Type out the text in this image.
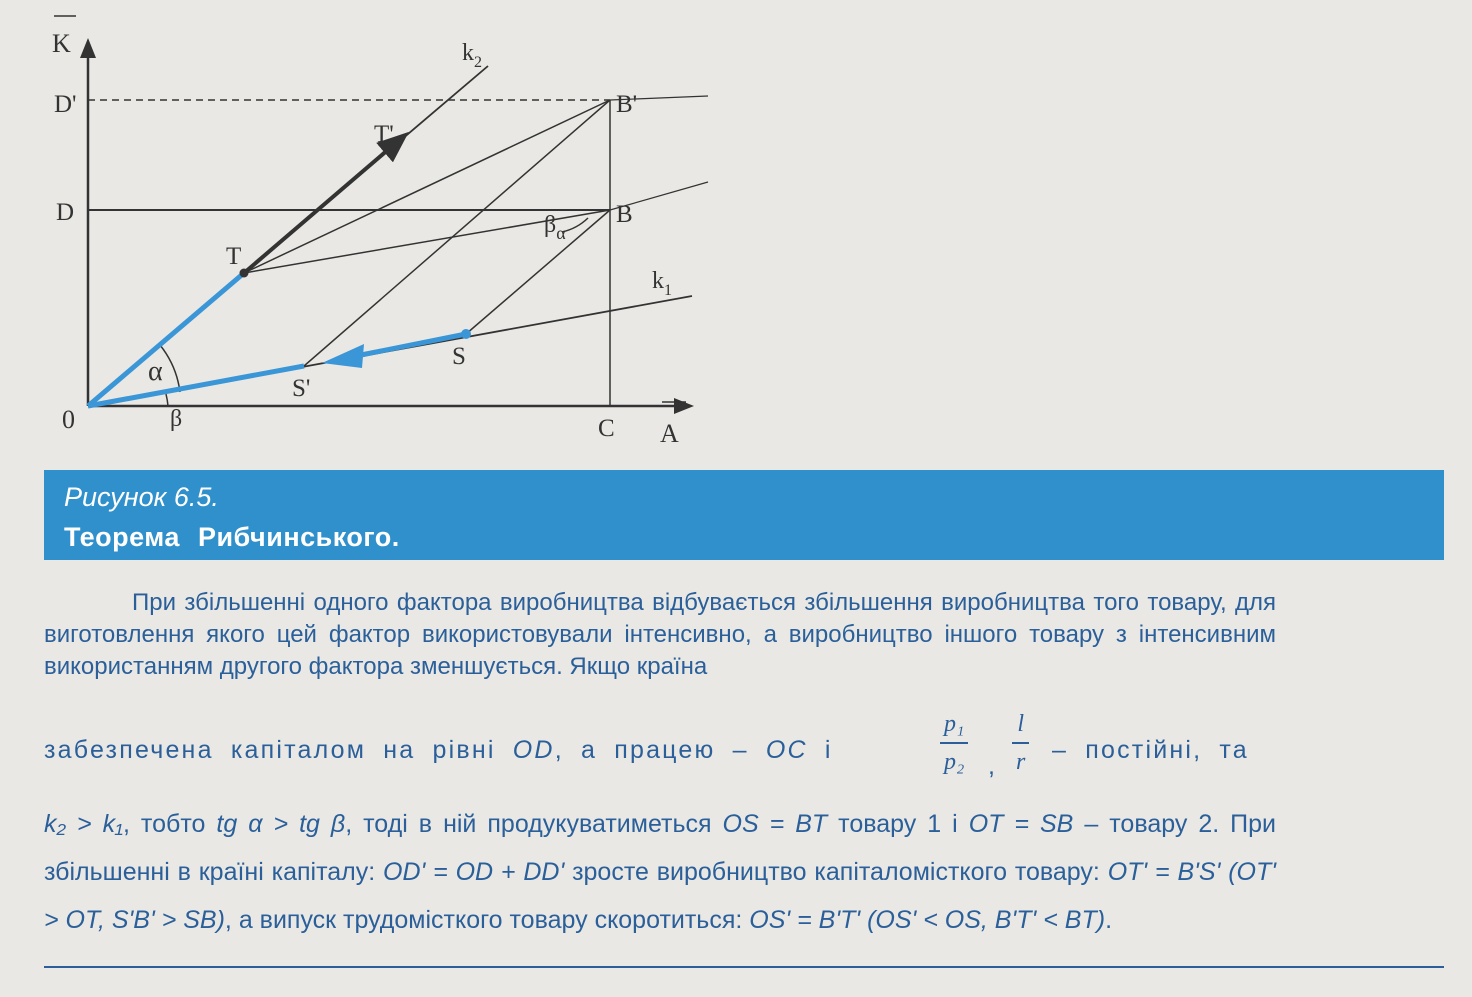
K
A
0
D'
D
B'
B
C
T'
T
S
S'
$k_2$
$k_1$
α
β
$\beta_\alpha$
Рисунок 6.5.
Теорема Рибчинського.

При збільшенні одного фактора виробництва відбувається збільшення виробництва того товару, для виготовлення якого цей фактор використовували інтенсивно, а виробництво іншого товару з інтенсивним використанням другого фактора зменшується. Якщо країна

забезпечена капіталом на рівні OD, а працею – OC і
p₁
p₂ ,
l
r – постійні, та

k₂ > k₁, тобто tg α > tg β, тоді в ній продукуватиметься OS = BT товару 1 і OT = SB – товару 2. При збільшенні в країні капіталу: OD' = OD + DD' зросте виробництво капіталомісткого товару: OT' = B'S' (OT' > OT, S'B' > SB), а випуск трудомісткого товару скоротиться: OS' = B'T' (OS' < OS, B'T' < BT).
